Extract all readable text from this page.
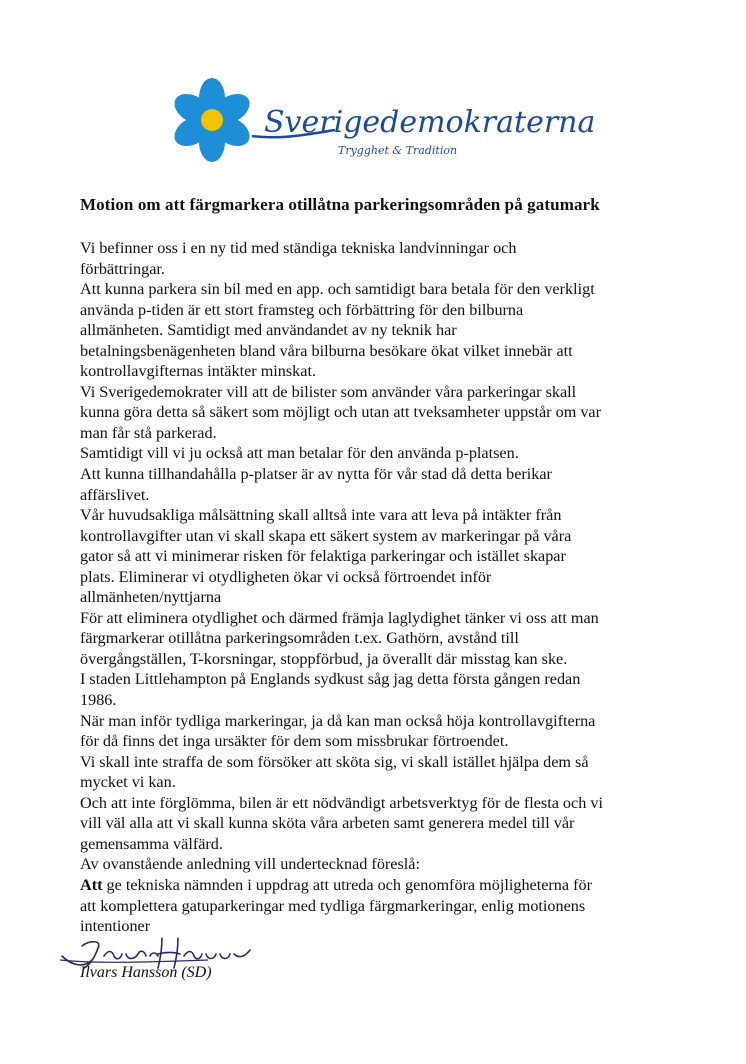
Sverigedemokraterna
Trygghet & Tradition
Motion om att färgmarkera otillåtna parkeringsområden på gatumark
Vi befinner oss i en ny tid med ständiga tekniska landvinningar och
förbättringar.
Att kunna parkera sin bil med en app. och samtidigt bara betala för den verkligt
använda p-tiden är ett stort framsteg och förbättring för den bilburna
allmänheten. Samtidigt med användandet av ny teknik har
betalningsbenägenheten bland våra bilburna besökare ökat vilket innebär att
kontrollavgifternas intäkter minskat.
Vi Sverigedemokrater vill att de bilister som använder våra parkeringar skall
kunna göra detta så säkert som möjligt och utan att tveksamheter uppstår om var
man får stå parkerad.
Samtidigt vill vi ju också att man betalar för den använda p-platsen.
Att kunna tillhandahålla p-platser är av nytta för vår stad då detta berikar
affärslivet.
Vår huvudsakliga målsättning skall alltså inte vara att leva på intäkter från
kontrollavgifter utan vi skall skapa ett säkert system av markeringar på våra
gator så att vi minimerar risken för felaktiga parkeringar och istället skapar
plats. Eliminerar vi otydligheten ökar vi också förtroendet inför
allmänheten/nyttjarna
För att eliminera otydlighet och därmed främja laglydighet tänker vi oss att man
färgmarkerar otillåtna parkeringsområden t.ex. Gathörn, avstånd till
övergångställen, T-korsningar, stoppförbud, ja överallt där misstag kan ske.
I staden Littlehampton på Englands sydkust såg jag detta första gången redan
1986.
När man inför tydliga markeringar, ja då kan man också höja kontrollavgifterna
för då finns det inga ursäkter för dem som missbrukar förtroendet.
Vi skall inte straffa de som försöker att sköta sig, vi skall istället hjälpa dem så
mycket vi kan.
Och att inte förglömma, bilen är ett nödvändigt arbetsverktyg för de flesta och vi
vill väl alla att vi skall kunna sköta våra arbeten samt generera medel till vår
gemensamma välfärd.
Av ovanstående anledning vill undertecknad föreslå:
Att ge tekniska nämnden i uppdrag att utreda och genomföra möjligheterna för
att komplettera gatuparkeringar med tydliga färgmarkeringar, enlig motionens
intentioner
Ilvars Hansson (SD)
